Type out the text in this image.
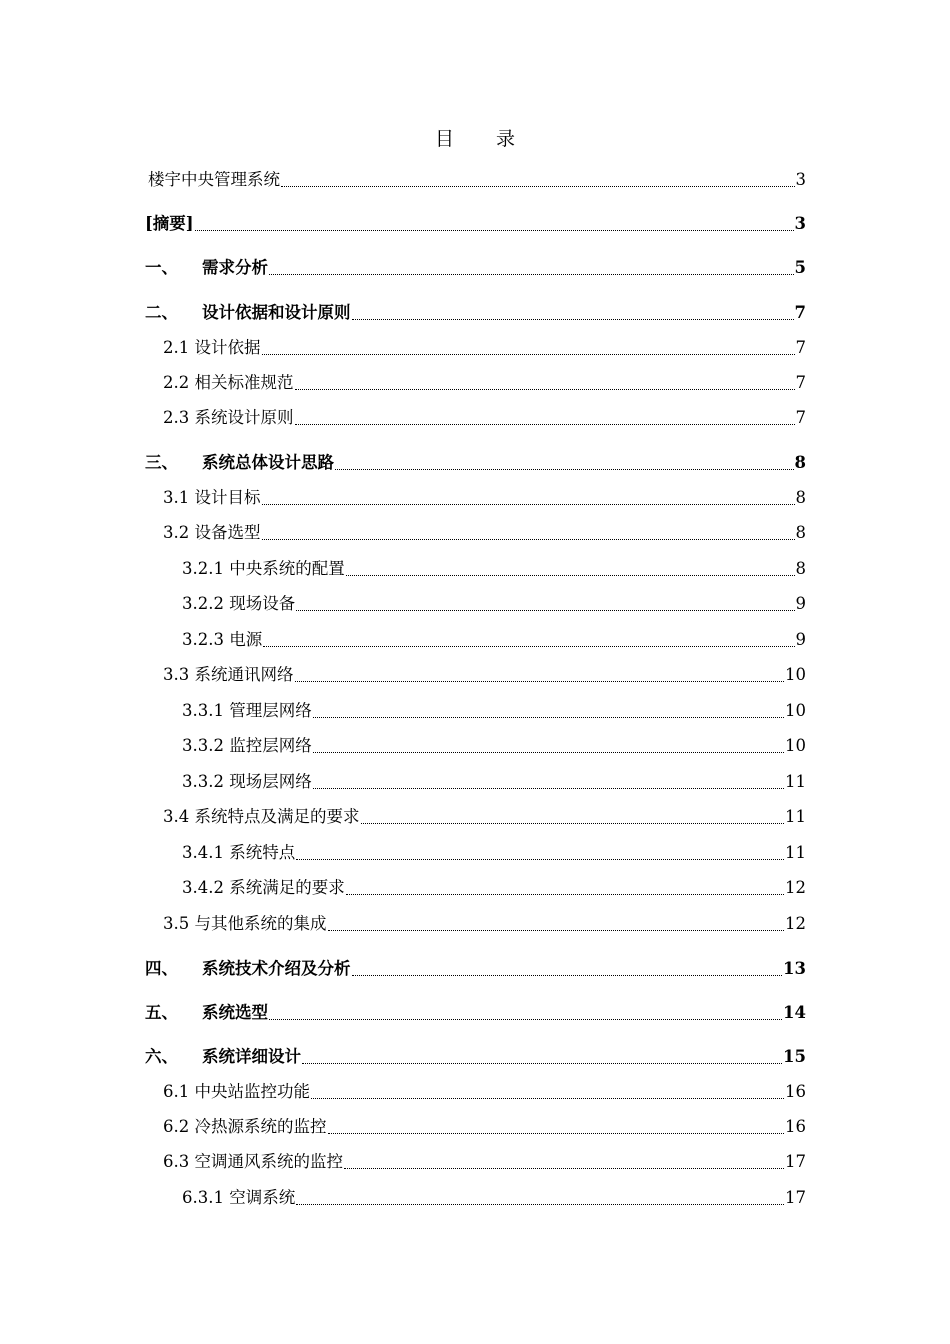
目 录
楼宇中央管理系统	3
[摘要]	3
一、	需求分析	5
二、	设计依据和设计原则	7
2.1 设计依据	7
2.2 相关标准规范	7
2.3 系统设计原则	7
三、	系统总体设计思路	8
3.1 设计目标	8
3.2 设备选型	8
3.2.1 中央系统的配置	8
3.2.2 现场设备	9
3.2.3 电源	9
3.3 系统通讯网络	10
3.3.1 管理层网络	10
3.3.2 监控层网络	10
3.3.2 现场层网络	11
3.4 系统特点及满足的要求	11
3.4.1 系统特点	11
3.4.2 系统满足的要求	12
3.5 与其他系统的集成	12
四、	系统技术介绍及分析	13
五、	系统选型	14
六、	系统详细设计	15
6.1 中央站监控功能	16
6.2 冷热源系统的监控	16
6.3 空调通风系统的监控	17
6.3.1 空调系统	17
